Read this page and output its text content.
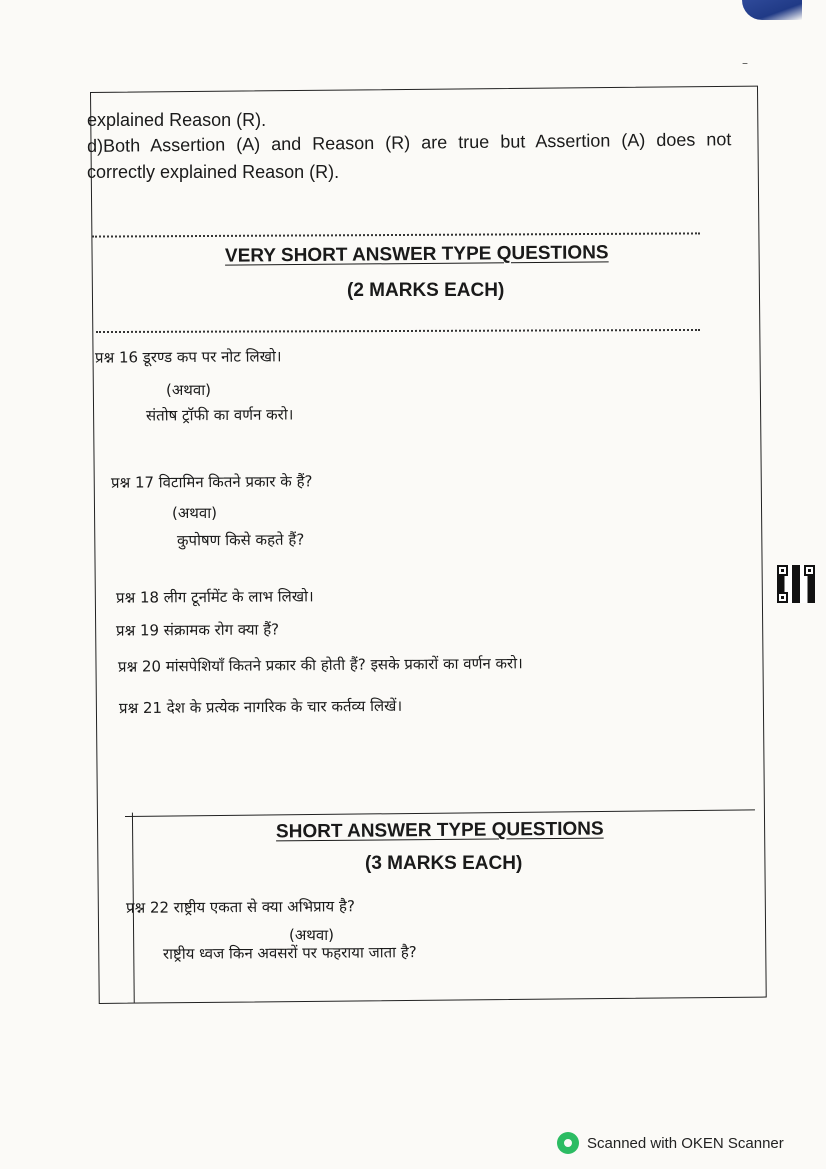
–
explained Reason (R).
d)Both Assertion (A) and Reason (R) are true but Assertion (A) does not
correctly explained Reason (R).
VERY SHORT ANSWER TYPE QUESTIONS
(2 MARKS EACH)
प्रश्न 16 डूरण्ड कप पर नोट लिखो।
(अथवा)
संतोष ट्रॉफी का वर्णन करो।
प्रश्न 17 विटामिन कितने प्रकार के हैं?
(अथवा)
कुपोषण किसे कहते हैं?
प्रश्न 18 लीग टूर्नामेंट के लाभ लिखो।
प्रश्न 19 संक्रामक रोग क्या हैं?
प्रश्न 20 मांसपेशियाँ कितने प्रकार की होती हैं? इसके प्रकारों का वर्णन करो।
प्रश्न 21 देश के प्रत्येक नागरिक के चार कर्तव्य लिखें।
SHORT ANSWER TYPE QUESTIONS
(3 MARKS EACH)
प्रश्न 22 राष्ट्रीय एकता से क्या अभिप्राय है?
(अथवा)
राष्ट्रीय ध्वज किन अवसरों पर फहराया जाता है?
Scanned with OKEN Scanner
